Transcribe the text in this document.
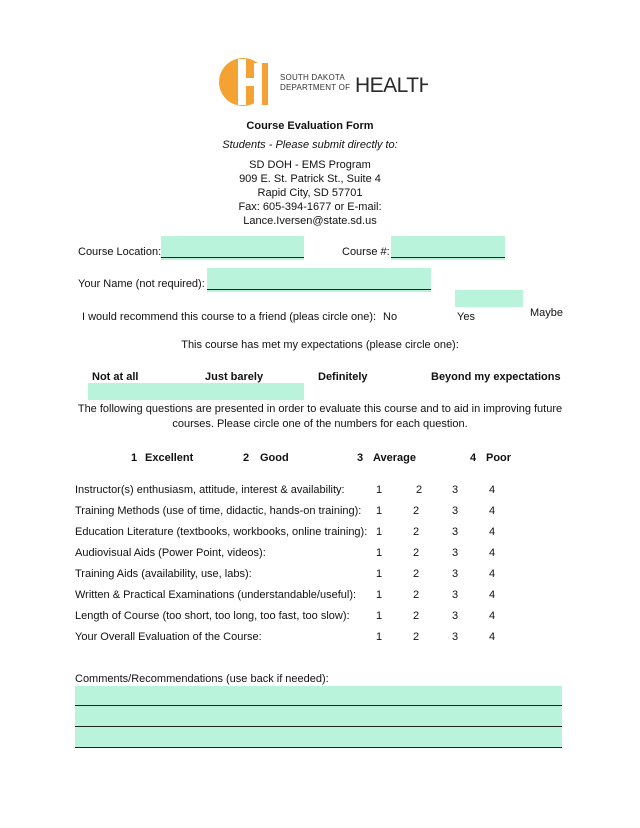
SOUTH DAKOTA
DEPARTMENT OF HEALTH
Course Evaluation Form
Students - Please submit directly to:
SD DOH - EMS Program
909 E. St. Patrick St., Suite 4
Rapid City, SD 57701
Fax: 605-394-1677 or E-mail:
Lance.Iversen@state.sd.us
Course Location:	Course #:
Your Name (not required):
I would recommend this course to a friend (pleas circle one): No	Yes	Maybe
This course has met my expectations (please circle one):
Not at all	Just barely	Definitely	Beyond my expectations
The following questions are presented in order to evaluate this course and to aid in improving future
courses. Please circle one of the numbers for each question.
1 Excellent	2 Good	3 Average	4 Poor
Instructor(s) enthusiasm, attitude, interest & availability:	1	2	3	4
Training Methods (use of time, didactic, hands-on training): 1	2	3	4
Education Literature (textbooks, workbooks, online training): 1	2	3	4
Audiovisual Aids (Power Point, videos):	1	2	3	4
Training Aids (availability, use, labs):	1	2	3	4
Written & Practical Examinations (understandable/useful): 1	2	3	4
Length of Course (too short, too long, too fast, too slow): 1	2	3	4
Your Overall Evaluation of the Course:	1	2	3	4
Comments/Recommendations (use back if needed):
